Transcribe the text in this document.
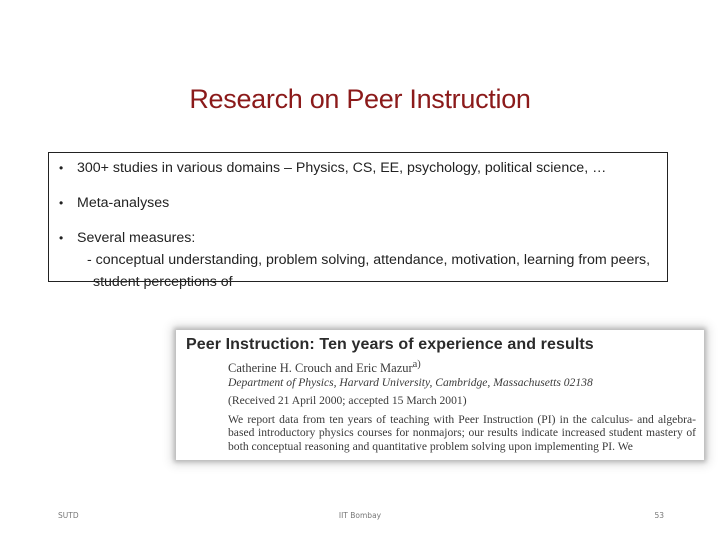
Research on Peer Instruction
• 300+ studies in various domains – Physics, CS, EE, psychology, political science, …
• Meta-analyses
• Several measures:
- conceptual understanding, problem solving, attendance, motivation, learning from peers, student perceptions of
Peer Instruction: Ten years of experience and results
Catherine H. Crouch and Eric Mazur$^{a)}$
Department of Physics, Harvard University, Cambridge, Massachusetts 02138
(Received 21 April 2000; accepted 15 March 2001)
We report data from ten years of teaching with Peer Instruction (PI) in the calculus- and algebra-based introductory physics courses for nonmajors; our results indicate increased student mastery of both conceptual reasoning and quantitative problem solving upon implementing PI. We
SUTD	IIT Bombay	53
